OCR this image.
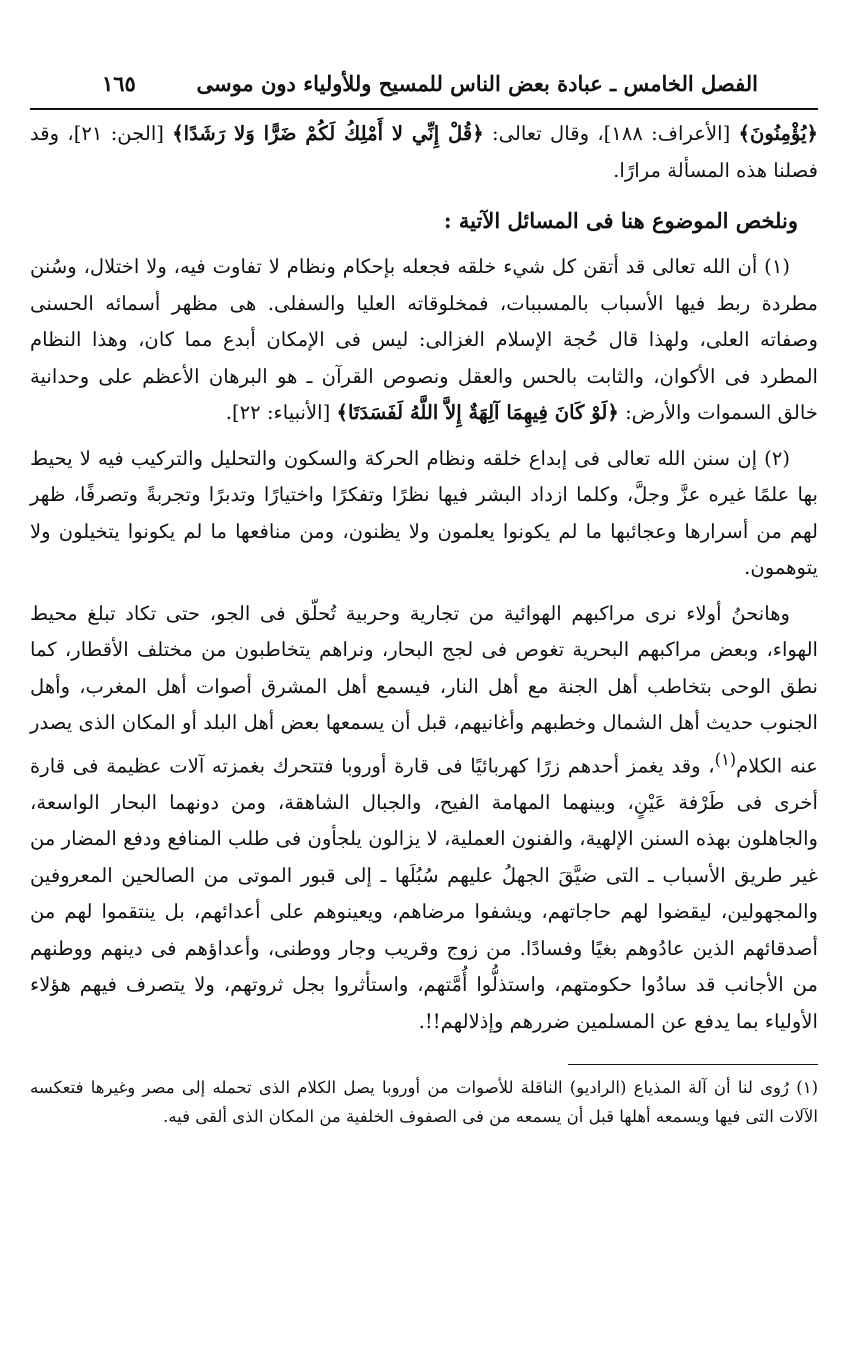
الفصل الخامس ـ عبادة بعض الناس للمسيح وللأولياء دون موسى
١٦٥

﴿يُؤْمِنُونَ﴾ [الأعراف: ١٨٨]، وقال تعالى: ﴿قُلْ إِنِّي لا أَمْلِكُ لَكُمْ ضَرًّا وَلا رَشَدًا﴾ [الجن: ٢١]، وقد فصلنا هذه المسألة مرارًا.

ونلخص الموضوع هنا فى المسائل الآتية :

(١) أن الله تعالى قد أتقن كل شيء خلقه فجعله بإحكام ونظام لا تفاوت فيه، ولا اختلال، وسُنن مطردة ربط فيها الأسباب بالمسببات، فمخلوقاته العليا والسفلى. هى مظهر أسمائه الحسنى وصفاته العلى، ولهذا قال حُجة الإسلام الغزالى: ليس فى الإمكان أبدع مما كان، وهذا النظام المطرد فى الأكوان، والثابت بالحس والعقل ونصوص القرآن ـ هو البرهان الأعظم على وحدانية خالق السموات والأرض: ﴿لَوْ كَانَ فِيهِمَا آلِهَةٌ إِلاَّ اللَّهُ لَفَسَدَتَا﴾ [الأنبياء: ٢٢].

(٢) إن سنن الله تعالى فى إبداع خلقه ونظام الحركة والسكون والتحليل والتركيب فيه لا يحيط بها علمًا غيره عزَّ وجلَّ، وكلما ازداد البشر فيها نظرًا وتفكرًا واختيارًا وتدبرًا وتجربةً وتصرفًا، ظهر لهم من أسرارها وعجائبها ما لم يكونوا يعلمون ولا يظنون، ومن منافعها ما لم يكونوا يتخيلون ولا يتوهمون.

وهانحنُ أولاء نرى مراكبهم الهوائية من تجارية وحربية تُحلّق فى الجو، حتى تكاد تبلغ محيط الهواء، وبعض مراكبهم البحرية تغوص فى لجج البحار، ونراهم يتخاطبون من مختلف الأقطار، كما نطق الوحى بتخاطب أهل الجنة مع أهل النار، فيسمع أهل المشرق أصوات أهل المغرب، وأهل الجنوب حديث أهل الشمال وخطبهم وأغانيهم، قبل أن يسمعها بعض أهل البلد أو المكان الذى يصدر عنه الكلام$^{(١)}$، وقد يغمز أحدهم زرًا كهربائيًا فى قارة أوروبا فتتحرك بغمزته آلات عظيمة فى قارة أخرى فى طَرْفة عَيْنٍ، وبينهما المهامة الفيح، والجبال الشاهقة، ومن دونهما البحار الواسعة، والجاهلون بهذه السنن الإلهية، والفنون العملية، لا يزالون يلجأون فى طلب المنافع ودفع المضار من غير طريق الأسباب ـ التى ضيَّقَ الجهلُ عليهم سُبُلَها ـ إلى قبور الموتى من الصالحين المعروفين والمجهولين، ليقضوا لهم حاجاتهم، ويشفوا مرضاهم، ويعينوهم على أعدائهم، بل ينتقموا لهم من أصدقائهم الذين عادُوهم بغيًا وفسادًا. من زوج وقريب وجار ووطنى، وأعداؤهم فى دينهم ووطنهم من الأجانب قد سادُوا حكومتهم، واستذلُّوا أُمَّتهم، واستأثروا بجل ثروتهم، ولا يتصرف فيهم هؤلاء الأولياء بما يدفع عن المسلمين ضررهم وإذلالهم!!.

(١) رُوى لنا أن آلة المذياع (الراديو) الناقلة للأصوات من أوروبا يصل الكلام الذى تحمله إلى مصر وغيرها فتعكسه الآلات التى فيها ويسمعه أهلها قبل أن يسمعه من فى الصفوف الخلفية من المكان الذى ألقى فيه.
